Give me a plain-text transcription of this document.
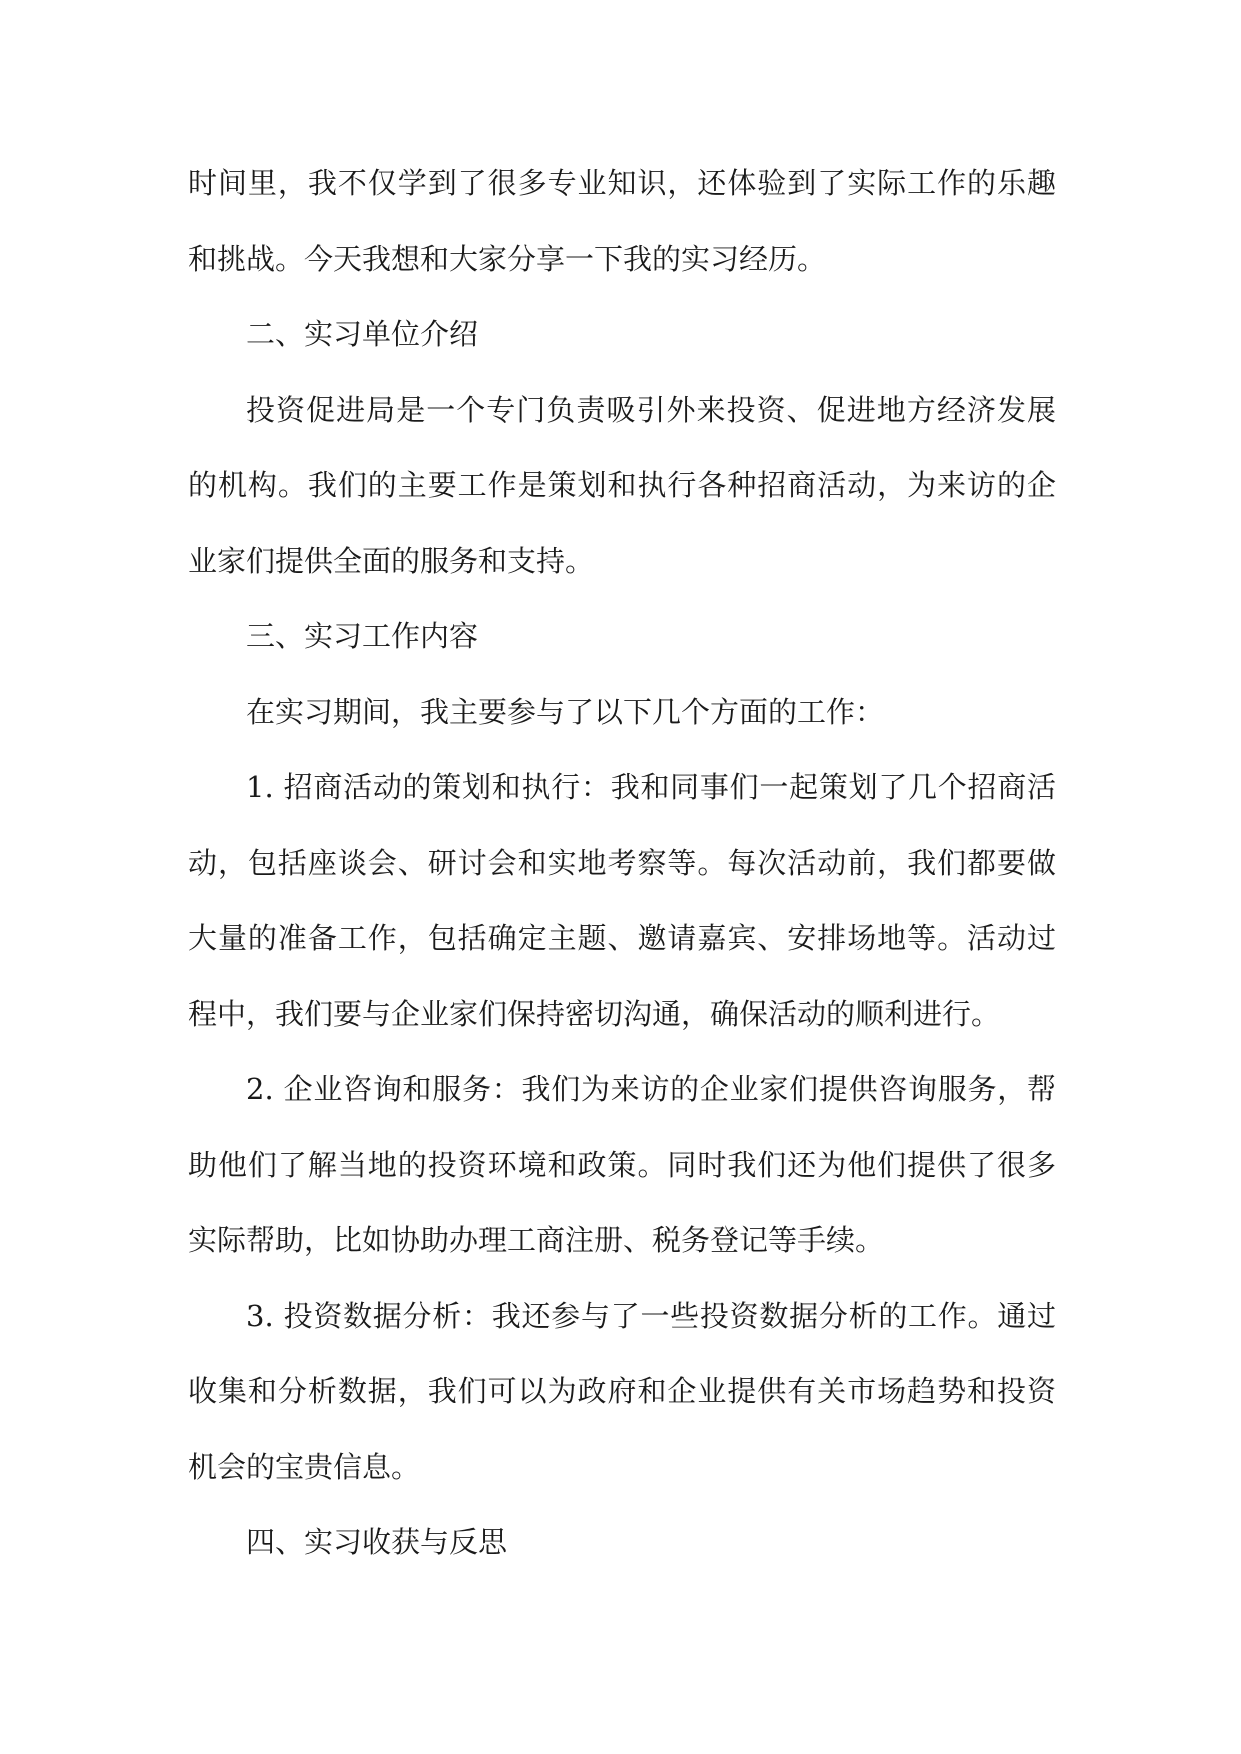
时间里，我不仅学到了很多专业知识，还体验到了实际工作的乐趣和挑战。今天我想和大家分享一下我的实习经历。

二、实习单位介绍

投资促进局是一个专门负责吸引外来投资、促进地方经济发展的机构。我们的主要工作是策划和执行各种招商活动，为来访的企业家们提供全面的服务和支持。

三、实习工作内容

在实习期间，我主要参与了以下几个方面的工作：

1. 招商活动的策划和执行：我和同事们一起策划了几个招商活动，包括座谈会、研讨会和实地考察等。每次活动前，我们都要做大量的准备工作，包括确定主题、邀请嘉宾、安排场地等。活动过程中，我们要与企业家们保持密切沟通，确保活动的顺利进行。

2. 企业咨询和服务：我们为来访的企业家们提供咨询服务，帮助他们了解当地的投资环境和政策。同时我们还为他们提供了很多实际帮助，比如协助办理工商注册、税务登记等手续。

3. 投资数据分析：我还参与了一些投资数据分析的工作。通过收集和分析数据，我们可以为政府和企业提供有关市场趋势和投资机会的宝贵信息。

四、实习收获与反思
